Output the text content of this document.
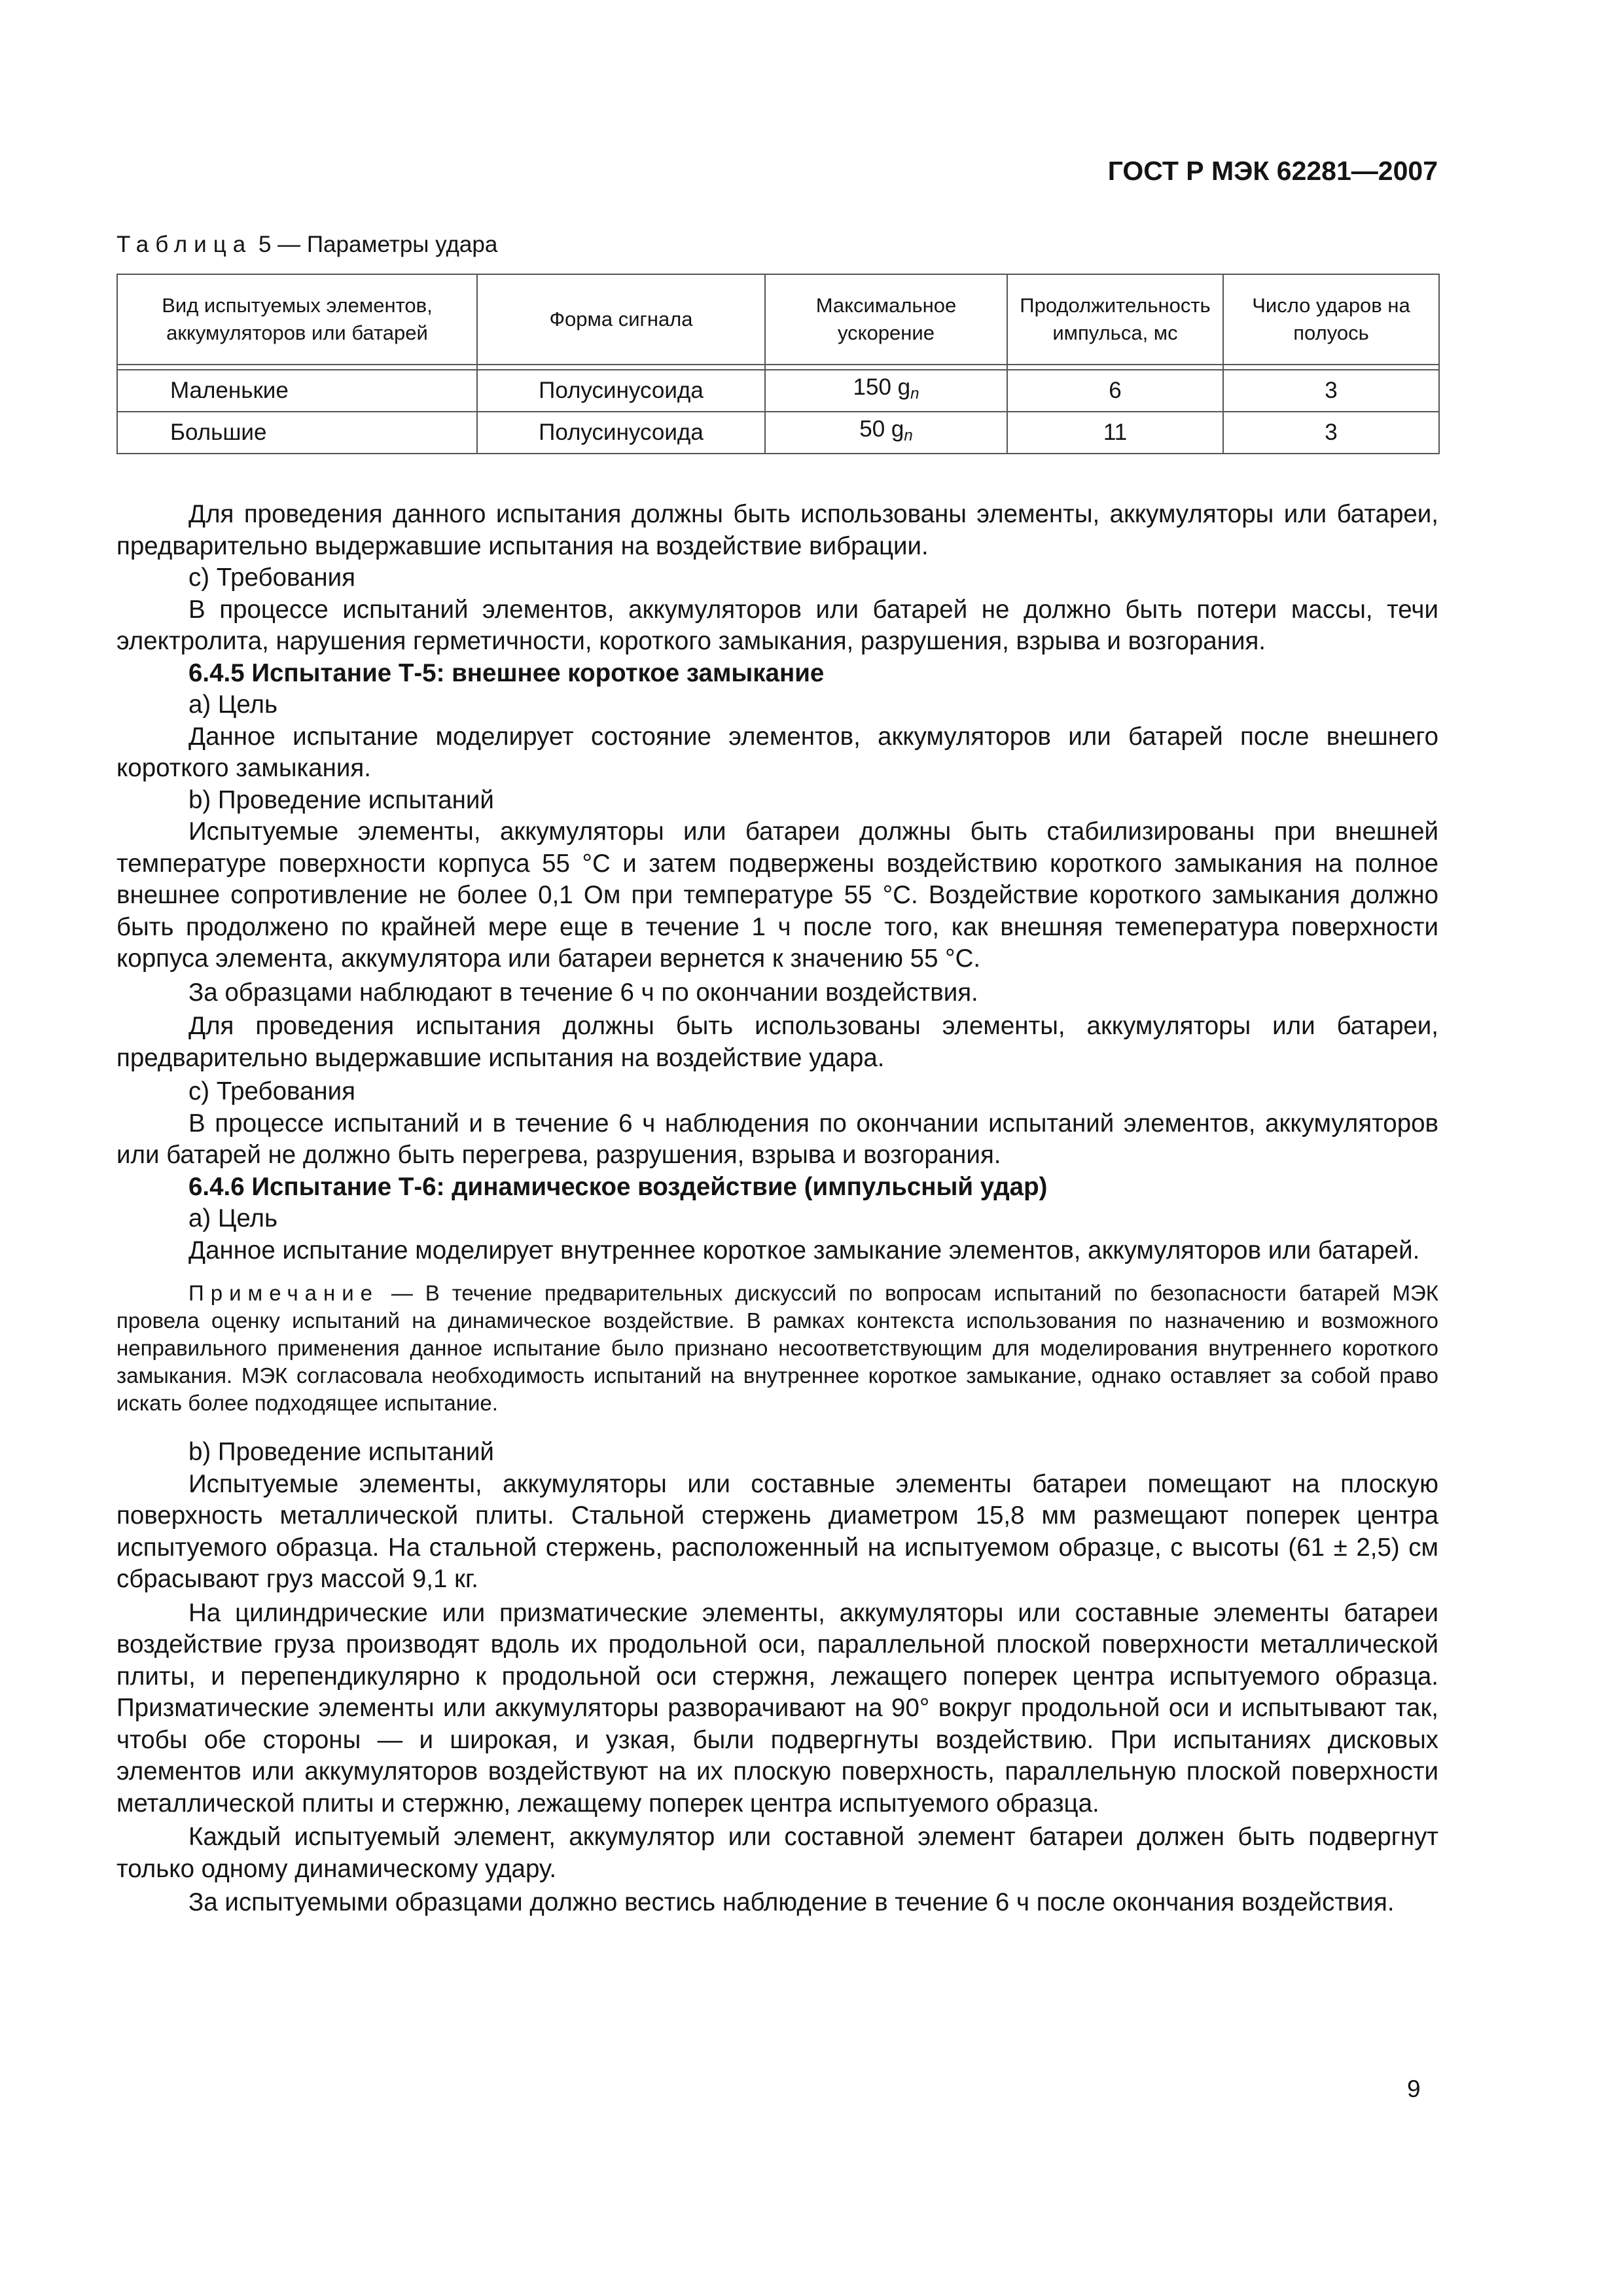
ГОСТ Р МЭК 62281—2007
Таблица 5 — Параметры удара
Вид испытуемых элементов, аккумуляторов или батарей	Форма сигнала	Максимальное ускорение	Продолжительность импульса, мс	Число ударов на полуось

Маленькие	Полусинусоида	150 $g_n$	6	3
Большие	Полусинусоида	50 $g_n$	11	3

Для проведения данного испытания должны быть использованы элементы, аккумуляторы или батареи, предварительно выдержавшие испытания на воздействие вибрации.

c) Требования

В процессе испытаний элементов, аккумуляторов или батарей не должно быть потери массы, течи электролита, нарушения герметичности, короткого замыкания, разрушения, взрыва и возгорания.

6.4.5 Испытание Т-5: внешнее короткое замыкание

a) Цель

Данное испытание моделирует состояние элементов, аккумуляторов или батарей после внешнего короткого замыкания.

b) Проведение испытаний

Испытуемые элементы, аккумуляторы или батареи должны быть стабилизированы при внешней температуре поверхности корпуса 55 °С и затем подвержены воздействию короткого замыкания на полное внешнее сопротивление не более 0,1 Ом при температуре 55 °С. Воздействие короткого замыкания должно быть продолжено по крайней мере еще в течение 1 ч после того, как внешняя темепература поверхности корпуса элемента, аккумулятора или батареи вернется к значению 55 °С.

За образцами наблюдают в течение 6 ч по окончании воздействия.

Для проведения испытания должны быть использованы элементы, аккумуляторы или батареи, предварительно выдержавшие испытания на воздействие удара.

c) Требования

В процессе испытаний и в течение 6 ч наблюдения по окончании испытаний элементов, аккумуляторов или батарей не должно быть перегрева, разрушения, взрыва и возгорания.

6.4.6 Испытание Т-6: динамическое воздействие (импульсный удар)

a) Цель

Данное испытание моделирует внутреннее короткое замыкание элементов, аккумуляторов или батарей.

Примечание — В течение предварительных дискуссий по вопросам испытаний по безопасности батарей МЭК провела оценку испытаний на динамическое воздействие. В рамках контекста использования по назначению и возможного неправильного применения данное испытание было признано несоответствующим для моделирования внутреннего короткого замыкания. МЭК согласовала необходимость испытаний на внутреннее короткое замыкание, однако оставляет за собой право искать более подходящее испытание.

b) Проведение испытаний

Испытуемые элементы, аккумуляторы или составные элементы батареи помещают на плоскую поверхность металлической плиты. Стальной стержень диаметром 15,8 мм размещают поперек центра испытуемого образца. На стальной стержень, расположенный на испытуемом образце, с высоты (61 ± 2,5) см сбрасывают груз массой 9,1 кг.

На цилиндрические или призматические элементы, аккумуляторы или составные элементы батареи воздействие груза производят вдоль их продольной оси, параллельной плоской поверхности металлической плиты, и перепендикулярно к продольной оси стержня, лежащего поперек центра испытуемого образца. Призматические элементы или аккумуляторы разворачивают на 90° вокруг продольной оси и испытывают так, чтобы обе стороны — и широкая, и узкая, были подвергнуты воздействию. При испытаниях дисковых элементов или аккумуляторов воздействуют на их плоскую поверхность, параллельную плоской поверхности металлической плиты и стержню, лежащему поперек центра испытуемого образца.

Каждый испытуемый элемент, аккумулятор или составной элемент батареи должен быть подвергнут только одному динамическому удару.

За испытуемыми образцами должно вестись наблюдение в течение 6 ч после окончания воздействия.

9
